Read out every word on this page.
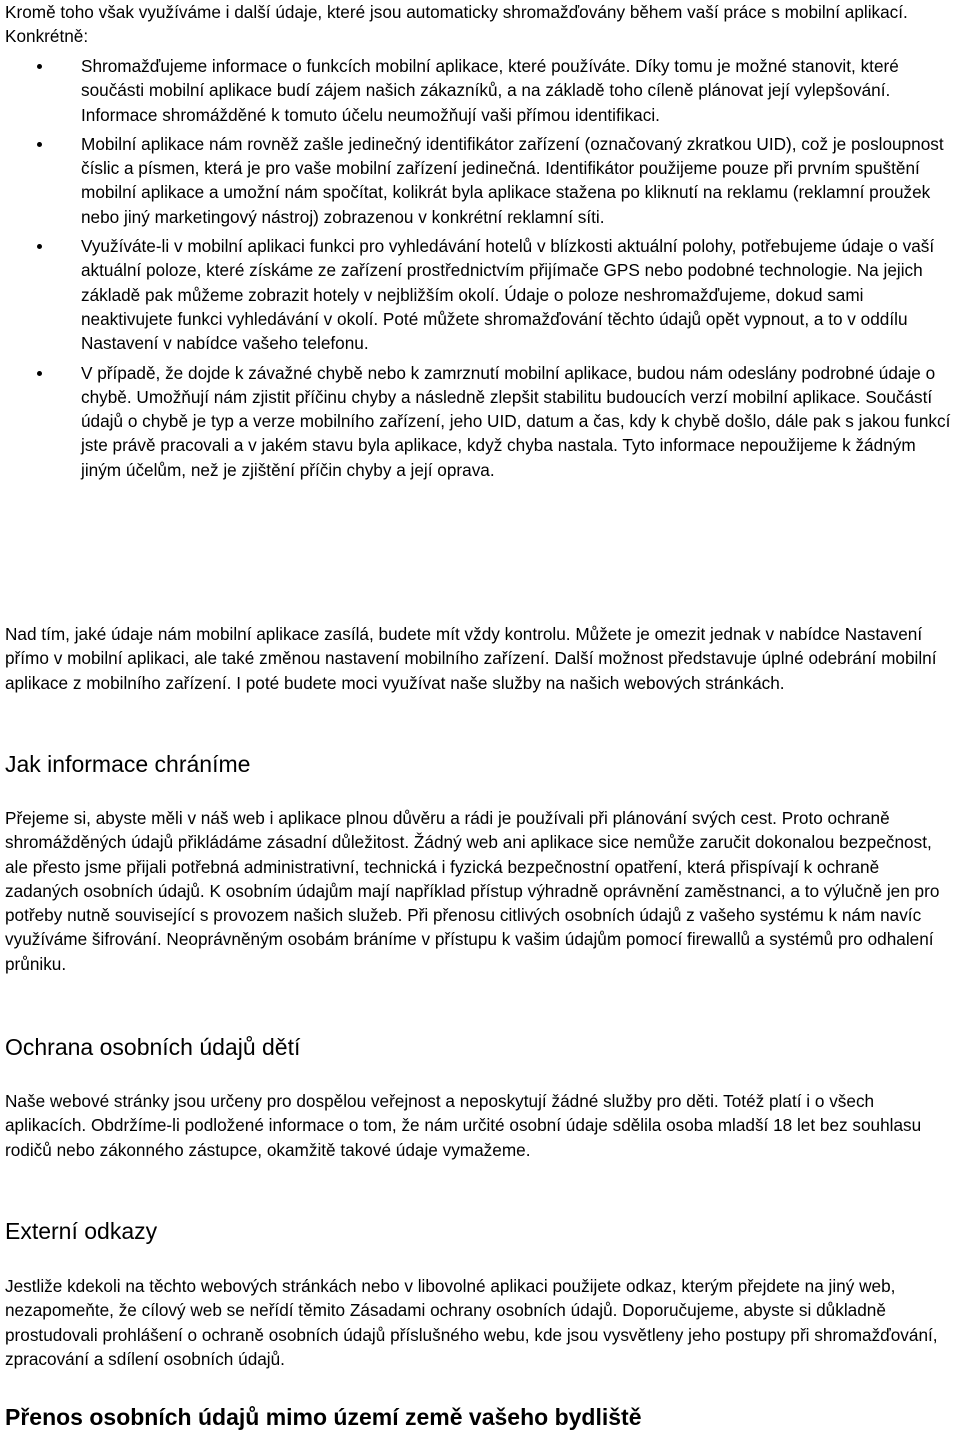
Kromě toho však využíváme i další údaje, které jsou automaticky shromažďovány během vaší práce s mobilní aplikací. Konkrétně:

Shromažďujeme informace o funkcích mobilní aplikace, které používáte. Díky tomu je možné stanovit, které součásti mobilní aplikace budí zájem našich zákazníků, a na základě toho cíleně plánovat její vylepšování. Informace shromážděné k tomuto účelu neumožňují vaši přímou identifikaci.
Mobilní aplikace nám rovněž zašle jedinečný identifikátor zařízení (označovaný zkratkou UID), což je posloupnost číslic a písmen, která je pro vaše mobilní zařízení jedinečná. Identifikátor použijeme pouze při prvním spuštění mobilní aplikace a umožní nám spočítat, kolikrát byla aplikace stažena po kliknutí na reklamu (reklamní proužek nebo jiný marketingový nástroj) zobrazenou v konkrétní reklamní síti.
Využíváte-li v mobilní aplikaci funkci pro vyhledávání hotelů v blízkosti aktuální polohy, potřebujeme údaje o vaší aktuální poloze, které získáme ze zařízení prostřednictvím přijímače GPS nebo podobné technologie. Na jejich základě pak můžeme zobrazit hotely v nejbližším okolí. Údaje o poloze neshromažďujeme, dokud sami neaktivujete funkci vyhledávání v okolí. Poté můžete shromažďování těchto údajů opět vypnout, a to v oddílu Nastavení v nabídce vašeho telefonu.
V případě, že dojde k závažné chybě nebo k zamrznutí mobilní aplikace, budou nám odeslány podrobné údaje o chybě. Umožňují nám zjistit příčinu chyby a následně zlepšit stabilitu budoucích verzí mobilní aplikace. Součástí údajů o chybě je typ a verze mobilního zařízení, jeho UID, datum a čas, kdy k chybě došlo, dále pak s jakou funkcí jste právě pracovali a v jakém stavu byla aplikace, když chyba nastala. Tyto informace nepoužijeme k žádným jiným účelům, než je zjištění příčin chyby a její oprava.

Nad tím, jaké údaje nám mobilní aplikace zasílá, budete mít vždy kontrolu. Můžete je omezit jednak v nabídce Nastavení přímo v mobilní aplikaci, ale také změnou nastavení mobilního zařízení. Další možnost představuje úplné odebrání mobilní aplikace z mobilního zařízení. I poté budete moci využívat naše služby na našich webových stránkách.

Jak informace chráníme

Přejeme si, abyste měli v náš web i aplikace plnou důvěru a rádi je používali při plánování svých cest. Proto ochraně shromážděných údajů přikládáme zásadní důležitost. Žádný web ani aplikace sice nemůže zaručit dokonalou bezpečnost, ale přesto jsme přijali potřebná administrativní, technická i fyzická bezpečnostní opatření, která přispívají k ochraně zadaných osobních údajů. K osobním údajům mají například přístup výhradně oprávnění zaměstnanci, a to výlučně jen pro potřeby nutně související s provozem našich služeb. Při přenosu citlivých osobních údajů z vašeho systému k nám navíc využíváme šifrování. Neoprávněným osobám bráníme v přístupu k vašim údajům pomocí firewallů a systémů pro odhalení průniku.

Ochrana osobních údajů dětí

Naše webové stránky jsou určeny pro dospělou veřejnost a neposkytují žádné služby pro děti. Totéž platí i o všech aplikacích. Obdržíme-li podložené informace o tom, že nám určité osobní údaje sdělila osoba mladší 18 let bez souhlasu rodičů nebo zákonného zástupce, okamžitě takové údaje vymažeme.

Externí odkazy

Jestliže kdekoli na těchto webových stránkách nebo v libovolné aplikaci použijete odkaz, kterým přejdete na jiný web, nezapomeňte, že cílový web se neřídí těmito Zásadami ochrany osobních údajů. Doporučujeme, abyste si důkladně prostudovali prohlášení o ochraně osobních údajů příslušného webu, kde jsou vysvětleny jeho postupy při shromažďování, zpracování a sdílení osobních údajů.

Přenos osobních údajů mimo území země vašeho bydliště
